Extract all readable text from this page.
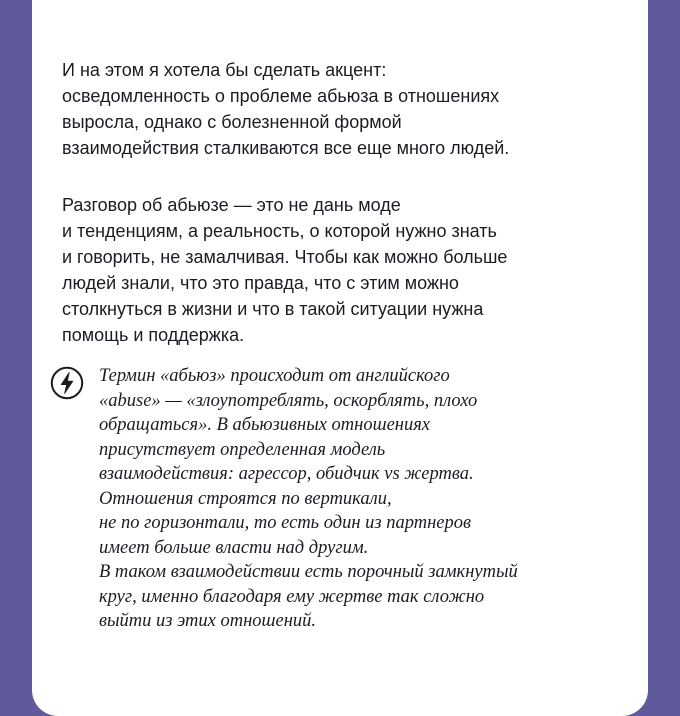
И на этом я хотела бы сделать акцент:
осведомленность о проблеме абьюза в отношениях
выросла, однако с болезненной формой
взаимодействия сталкиваются все еще много людей.

Разговор об абьюзе — это не дань моде
и тенденциям, а реальность, о которой нужно знать
и говорить, не замалчивая. Чтобы как можно больше
людей знали, что это правда, что с этим можно
столкнуться в жизни и что в такой ситуации нужна
помощь и поддержка.

Термин «абьюз» происходит от английского
«abuse» — «злоупотреблять, оскорблять, плохо
обращаться». В абьюзивных отношениях
присутствует определенная модель
взаимодействия: агрессор, обидчик vs жертва.
Отношения строятся по вертикали,
не по горизонтали, то есть один из партнеров
имеет больше власти над другим.
В таком взаимодействии есть порочный замкнутый
круг, именно благодаря ему жертве так сложно
выйти из этих отношений.
